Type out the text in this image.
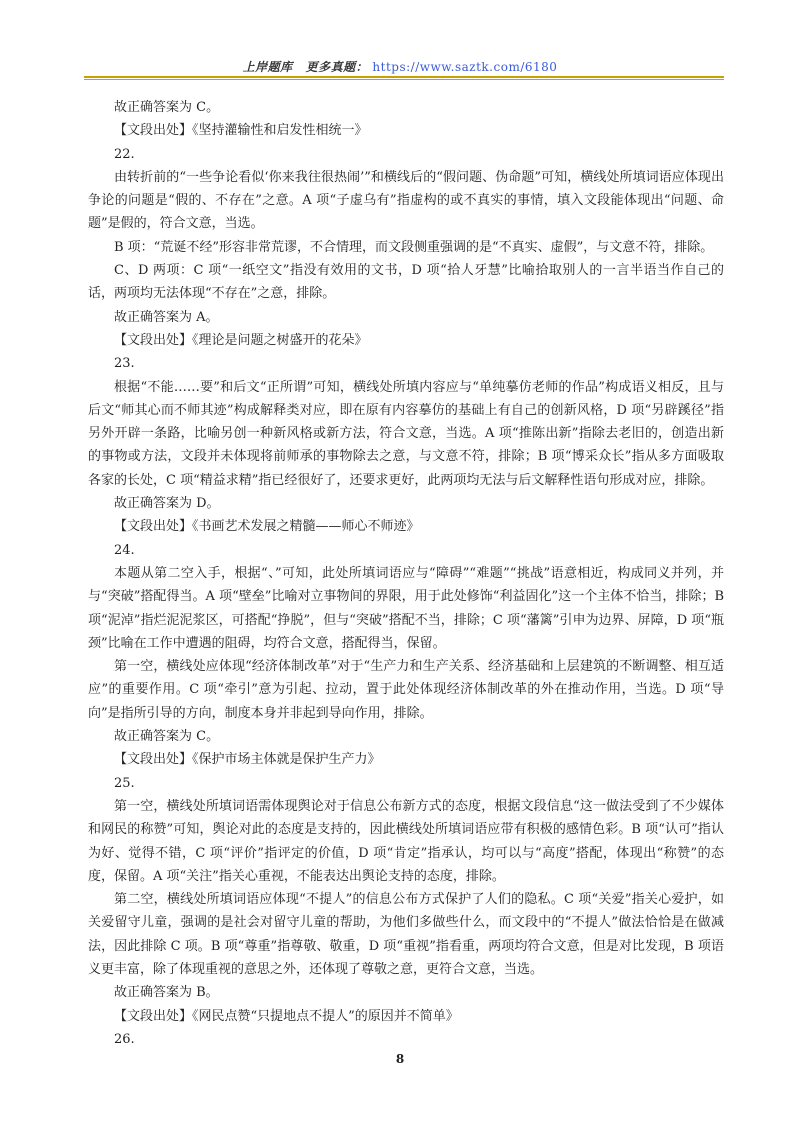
上岸题库 更多真题： https://www.saztk.com/6180

故正确答案为 C。

【文段出处】《坚持灌输性和启发性相统一》

22.

由转折前的“一些争论看似‘你来我往很热闹’”和横线后的“假问题、伪命题”可知，横线处所填词语应体现出争论的问题是“假的、不存在”之意。A 项“子虚乌有”指虚构的或不真实的事情，填入文段能体现出“问题、命题”是假的，符合文意，当选。

B 项：“荒诞不经”形容非常荒谬，不合情理，而文段侧重强调的是“不真实、虚假”，与文意不符，排除。

C、D 两项：C 项“一纸空文”指没有效用的文书，D 项“拾人牙慧”比喻拾取别人的一言半语当作自己的话，两项均无法体现“不存在”之意，排除。

故正确答案为 A。

【文段出处】《理论是问题之树盛开的花朵》

23.

根据“不能……要”和后文“正所谓”可知，横线处所填内容应与“单纯摹仿老师的作品”构成语义相反，且与后文“师其心而不师其迹”构成解释类对应，即在原有内容摹仿的基础上有自己的创新风格，D 项“另辟蹊径”指另外开辟一条路，比喻另创一种新风格或新方法，符合文意，当选。A 项“推陈出新”指除去老旧的，创造出新的事物或方法，文段并未体现将前师承的事物除去之意，与文意不符，排除；B 项“博采众长”指从多方面吸取各家的长处，C 项“精益求精”指已经很好了，还要求更好，此两项均无法与后文解释性语句形成对应，排除。

故正确答案为 D。

【文段出处】《书画艺术发展之精髓——师心不师迹》

24.

本题从第二空入手，根据“、”可知，此处所填词语应与“障碍”“难题”“挑战”语意相近，构成同义并列，并与“突破”搭配得当。A 项“壁垒”比喻对立事物间的界限，用于此处修饰“利益固化”这一个主体不恰当，排除；B 项“泥淖”指烂泥泥浆区，可搭配“挣脱”，但与“突破”搭配不当，排除；C 项“藩篱”引申为边界、屏障，D 项“瓶颈”比喻在工作中遭遇的阻碍，均符合文意，搭配得当，保留。

第一空，横线处应体现“经济体制改革”对于“生产力和生产关系、经济基础和上层建筑的不断调整、相互适应”的重要作用。C 项“牵引”意为引起、拉动，置于此处体现经济体制改革的外在推动作用，当选。D 项“导向”是指所引导的方向，制度本身并非起到导向作用，排除。

故正确答案为 C。

【文段出处】《保护市场主体就是保护生产力》

25.

第一空，横线处所填词语需体现舆论对于信息公布新方式的态度，根据文段信息“这一做法受到了不少媒体和网民的称赞”可知，舆论对此的态度是支持的，因此横线处所填词语应带有积极的感情色彩。B 项“认可”指认为好、觉得不错，C 项“评价”指评定的价值，D 项“肯定”指承认，均可以与“高度”搭配，体现出“称赞”的态度，保留。A 项“关注”指关心重视，不能表达出舆论支持的态度，排除。

第二空，横线处所填词语应体现“不提人”的信息公布方式保护了人们的隐私。C 项“关爱”指关心爱护，如关爱留守儿童，强调的是社会对留守儿童的帮助，为他们多做些什么，而文段中的“不提人”做法恰恰是在做减法，因此排除 C 项。B 项“尊重”指尊敬、敬重，D 项“重视”指看重，两项均符合文意，但是对比发现，B 项语义更丰富，除了体现重视的意思之外，还体现了尊敬之意，更符合文意，当选。

故正确答案为 B。

【文段出处】《网民点赞“只提地点不提人”的原因并不简单》

26.

8
